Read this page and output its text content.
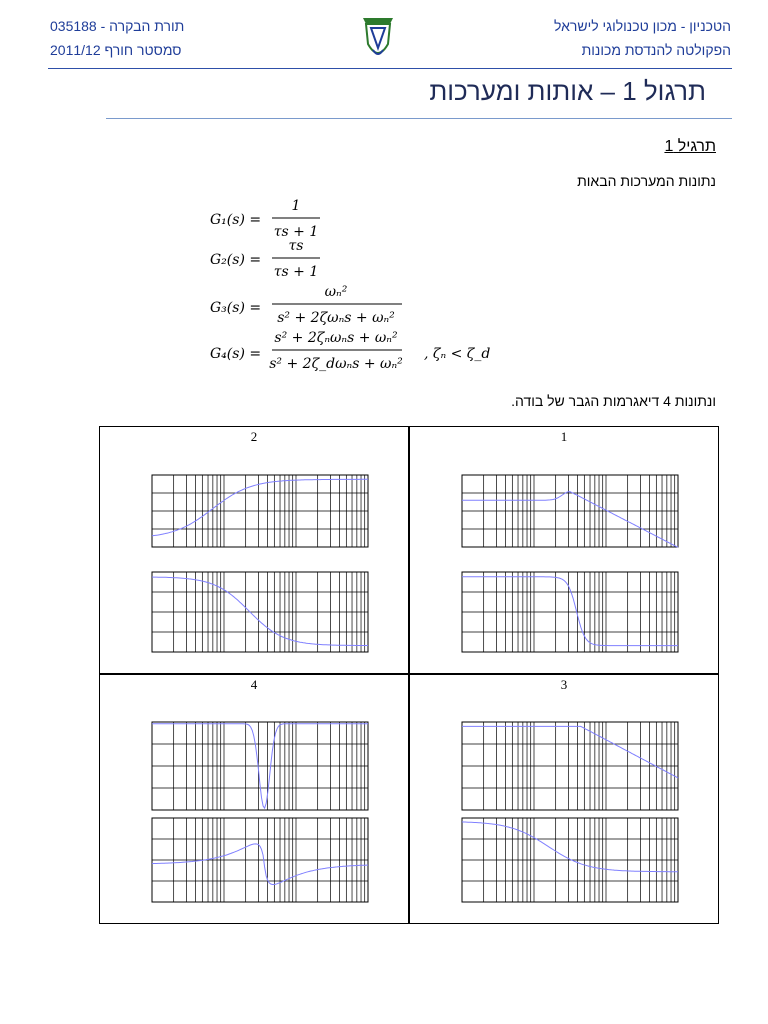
הטכניון - מכון טכנולוגי לישראל
הפקולטה להנדסת מכונות
תורת הבקרה - 035188
סמסטר חורף 2011/12
תרגול 1 – אותות ומערכות
תרגיל 1
נתונות המערכות הבאות
G₁(s) =
1
τs + 1
G₂(s) =
τs
τs + 1
G₃(s) =
ωₙ²
s² + 2ζωₙs + ωₙ²
G₄(s) =
s² + 2ζₙωₙs + ωₙ²
s² + 2ζ_dωₙs + ωₙ²
, ζₙ < ζ_d
ונתונות 4 דיאגרמות הגבר של בודה.
2	1
4	3
